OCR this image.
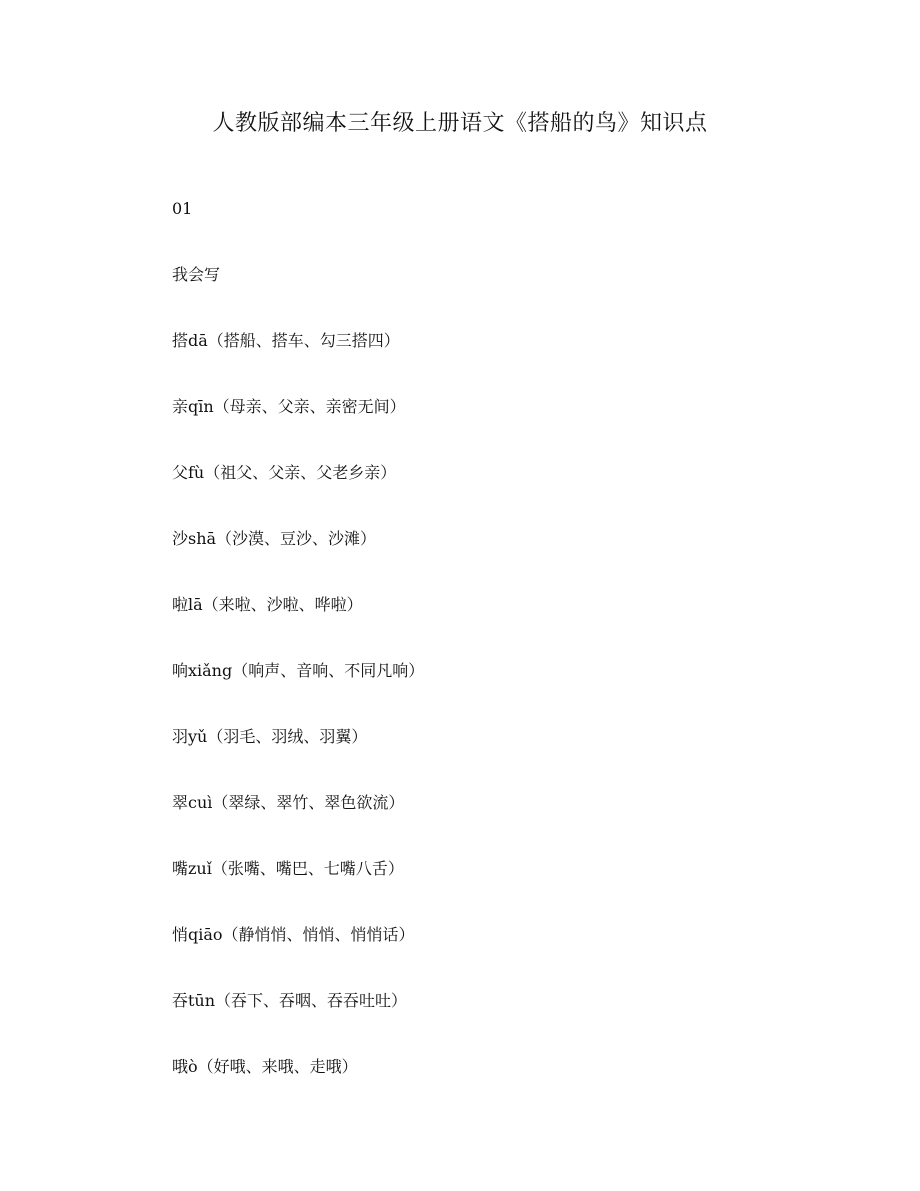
人教版部编本三年级上册语文《搭船的鸟》知识点
01
我会写
搭dā（搭船、搭车、勾三搭四）
亲qīn（母亲、父亲、亲密无间）
父fù（祖父、父亲、父老乡亲）
沙shā（沙漠、豆沙、沙滩）
啦lā（来啦、沙啦、哗啦）
响xiǎng（响声、音响、不同凡响）
羽yǔ（羽毛、羽绒、羽翼）
翠cuì（翠绿、翠竹、翠色欲流）
嘴zuǐ（张嘴、嘴巴、七嘴八舌）
悄qiāo（静悄悄、悄悄、悄悄话）
吞tūn（吞下、吞咽、吞吞吐吐）
哦ò（好哦、来哦、走哦）
